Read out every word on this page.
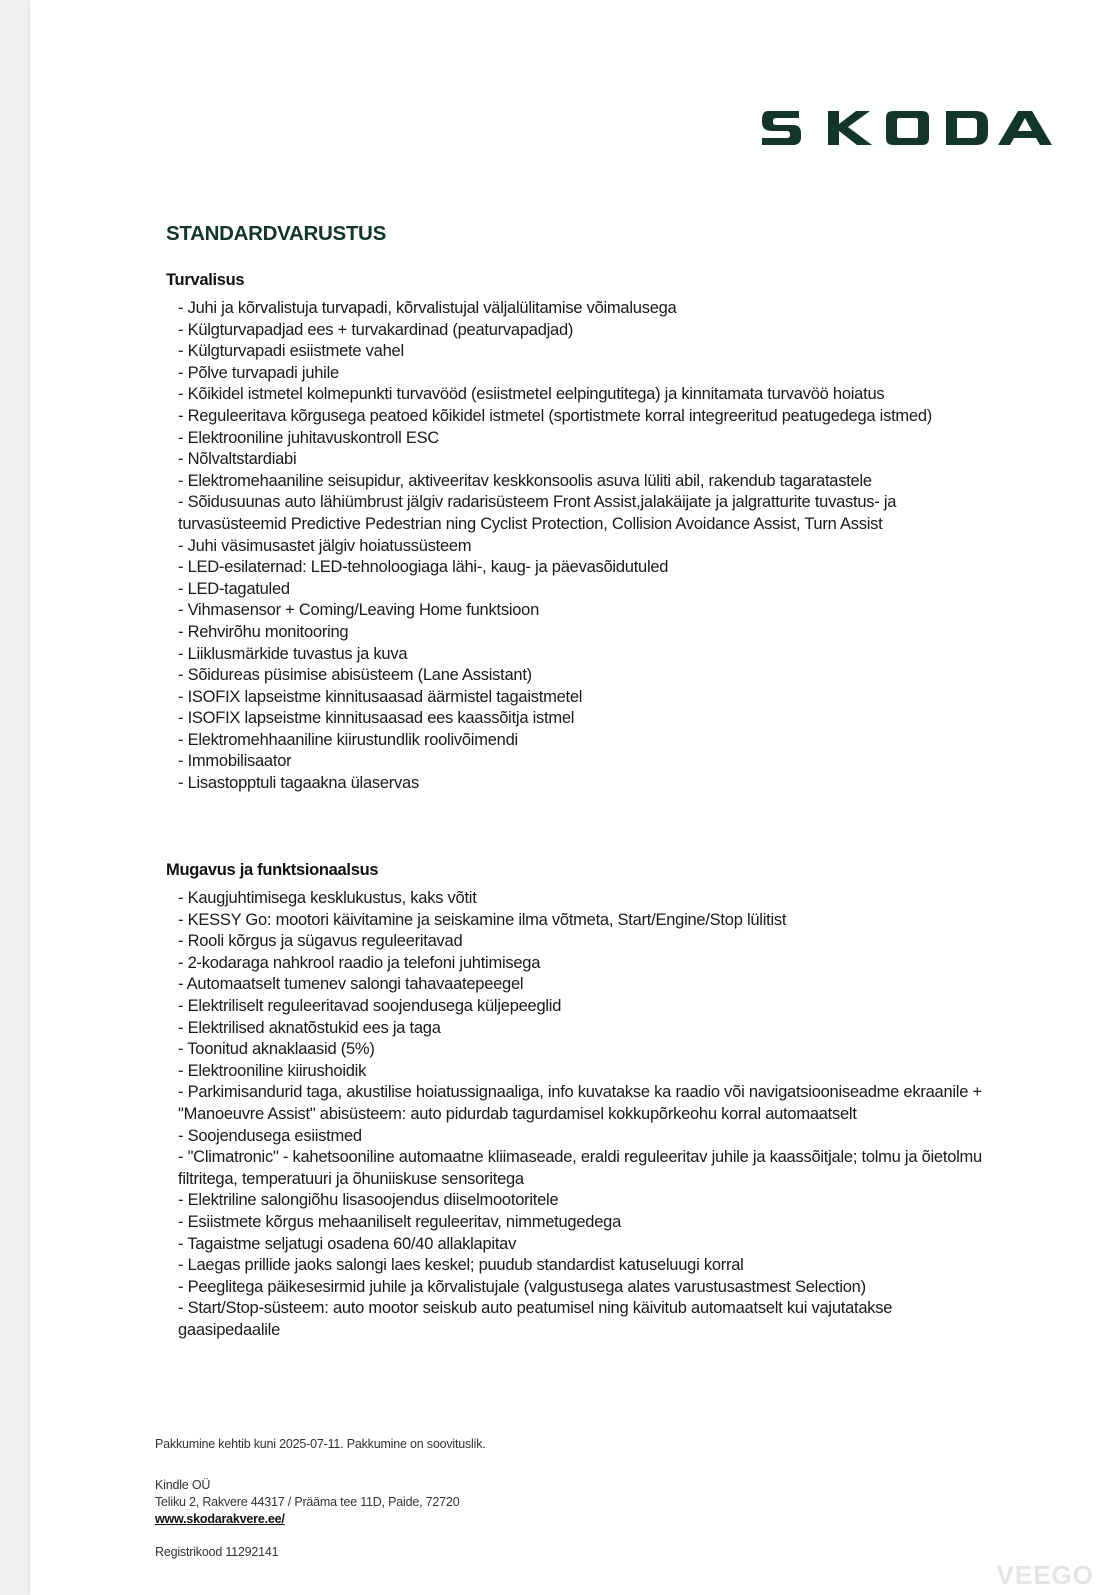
STANDARDVARUSTUS
Turvalisus
- Juhi ja kõrvalistuja turvapadi, kõrvalistujal väljalülitamise võimalusega
- Külgturvapadjad ees + turvakardinad (peaturvapadjad)
- Külgturvapadi esiistmete vahel
- Põlve turvapadi juhile
- Kõikidel istmetel kolmepunkti turvavööd (esiistmetel eelpingutitega) ja kinnitamata turvavöö hoiatus
- Reguleeritava kõrgusega peatoed kõikidel istmetel (sportistmete korral integreeritud peatugedega istmed)
- Elektrooniline juhitavuskontroll ESC
- Nõlvaltstardiabi
- Elektromehaaniline seisupidur, aktiveeritav keskkonsoolis asuva lüliti abil, rakendub tagaratastele
- Sõidusuunas auto lähiümbrust jälgiv radarisüsteem Front Assist,jalakäijate ja jalgratturite tuvastus- ja turvasüsteemid Predictive Pedestrian ning Cyclist Protection, Collision Avoidance Assist, Turn Assist
- Juhi väsimusastet jälgiv hoiatussüsteem
- LED-esilaternad: LED-tehnoloogiaga lähi-, kaug- ja päevasõidutuled
- LED-tagatuled
- Vihmasensor + Coming/Leaving Home funktsioon
- Rehvirõhu monitooring
- Liiklusmärkide tuvastus ja kuva
- Sõidureas püsimise abisüsteem (Lane Assistant)
- ISOFIX lapseistme kinnitusaasad äärmistel tagaistmetel
- ISOFIX lapseistme kinnitusaasad ees kaassõitja istmel
- Elektromehhaaniline kiirustundlik roolivõimendi
- Immobilisaator
- Lisastopptuli tagaakna ülaservas
Mugavus ja funktsionaalsus
- Kaugjuhtimisega kesklukustus, kaks võtit
- KESSY Go: mootori käivitamine ja seiskamine ilma võtmeta, Start/Engine/Stop lülitist
- Rooli kõrgus ja sügavus reguleeritavad
- 2-kodaraga nahkrool raadio ja telefoni juhtimisega
- Automaatselt tumenev salongi tahavaatepeegel
- Elektriliselt reguleeritavad soojendusega küljepeeglid
- Elektrilised aknatõstukid ees ja taga
- Toonitud aknaklaasid (5%)
- Elektrooniline kiirushoidik
- Parkimisandurid taga, akustilise hoiatussignaaliga, info kuvatakse ka raadio või navigatsiooniseadme ekraanile + "Manoeuvre Assist" abisüsteem: auto pidurdab tagurdamisel kokkupõrkeohu korral automaatselt
- Soojendusega esiistmed
- "Climatronic" - kahetsooniline automaatne kliimaseade, eraldi reguleeritav juhile ja kaassõitjale; tolmu ja õietolmu filtritega, temperatuuri ja õhuniiskuse sensoritega
- Elektriline salongiõhu lisasoojendus diiselmootoritele
- Esiistmete kõrgus mehaaniliselt reguleeritav, nimmetugedega
- Tagaistme seljatugi osadena 60/40 allaklapitav
- Laegas prillide jaoks salongi laes keskel; puudub standardist katuseluugi korral
- Peeglitega päikesesirmid juhile ja kõrvalistujale (valgustusega alates varustusastmest Selection)
- Start/Stop-süsteem: auto mootor seiskub auto peatumisel ning käivitub automaatselt kui vajutatakse gaasipedaalile
Pakkumine kehtib kuni 2025-07-11. Pakkumine on soovituslik.
Kindle OÜ
Teliku 2, Rakvere 44317 / Prääma tee 11D, Paide, 72720
www.skodarakvere.ee/
Registrikood 11292141
VEEGO
